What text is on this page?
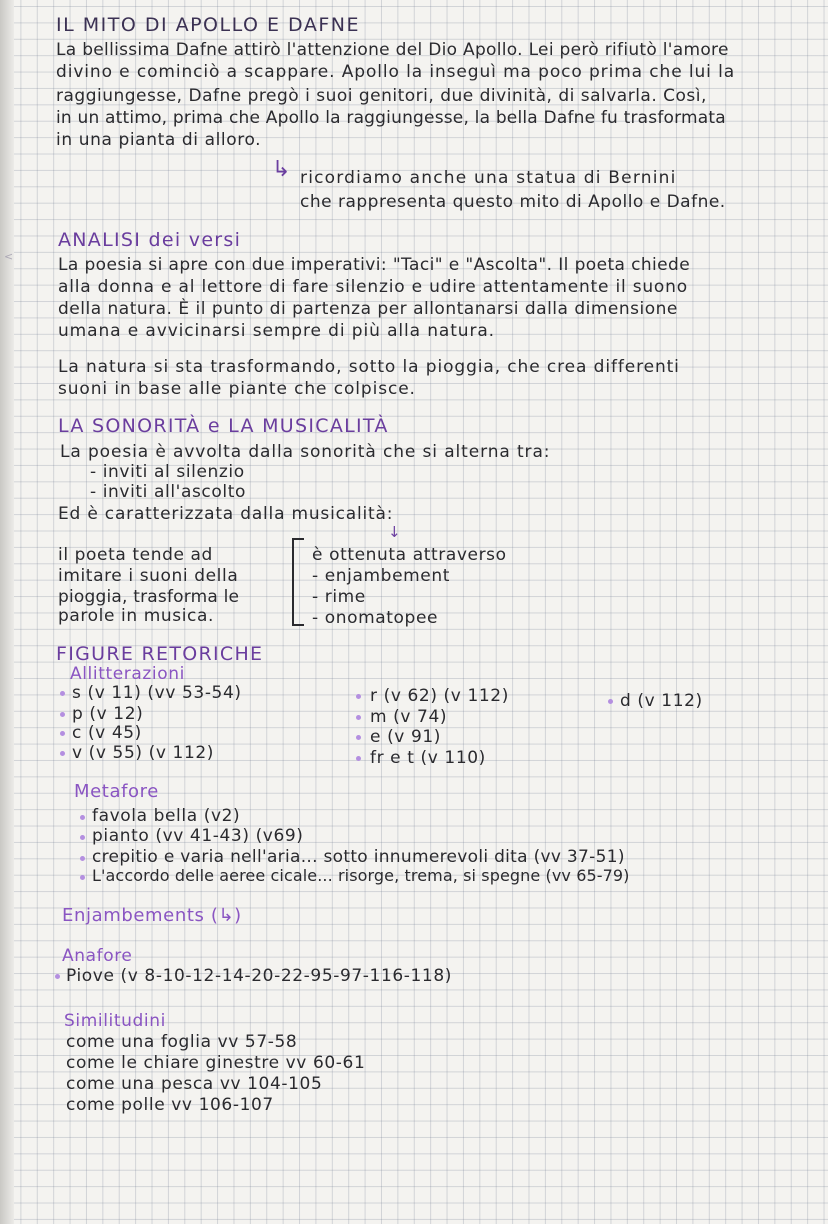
IL MITO DI APOLLO E DAFNE
La bellissima Dafne attirò l'attenzione del Dio Apollo. Lei però rifiutò l'amore
divino e cominciò a scappare. Apollo la inseguì ma poco prima che lui la
raggiungesse, Dafne pregò i suoi genitori, due divinità, di salvarla. Così,
in un attimo, prima che Apollo la raggiungesse, la bella Dafne fu trasformata
in una pianta di alloro.
↳ ricordiamo anche una statua di Bernini
che rappresenta questo mito di Apollo e Dafne.
ANALISI dei versi
<	La poesia si apre con due imperativi: "Taci" e "Ascolta". Il poeta chiede
alla donna e al lettore di fare silenzio e udire attentamente il suono
della natura. È il punto di partenza per allontanarsi dalla dimensione
umana e avvicinarsi sempre di più alla natura.
La natura si sta trasformando, sotto la pioggia, che crea differenti
suoni in base alle piante che colpisce.
LA SONORITÀ e LA MUSICALITÀ
La poesia è avvolta dalla sonorità che si alterna tra:
- inviti al silenzio
- inviti all'ascolto
Ed è caratterizzata dalla musicalità:
↓
il poeta tende ad
imitare i suoni della
pioggia, trasforma le
parole in musica.
è ottenuta attraverso
- enjambement
- rime
- onomatopee
FIGURE RETORICHE
Allitterazioni
s (v 11) (vv 53-54)
p (v 12)
c (v 45)
v (v 55) (v 112)
r (v 62) (v 112)
m (v 74)
e (v 91)
fr e t (v 110)
d (v 112)
Metafore
favola bella (v2)
pianto (vv 41-43) (v69)
crepitio e varia nell'aria... sotto innumerevoli dita (vv 37-51)
L'accordo delle aeree cicale... risorge, trema, si spegne (vv 65-79)
Enjambements (↳)
Anafore
Piove (v 8-10-12-14-20-22-95-97-116-118)
Similitudini
come una foglia vv 57-58
come le chiare ginestre vv 60-61
come una pesca vv 104-105
come polle vv 106-107
